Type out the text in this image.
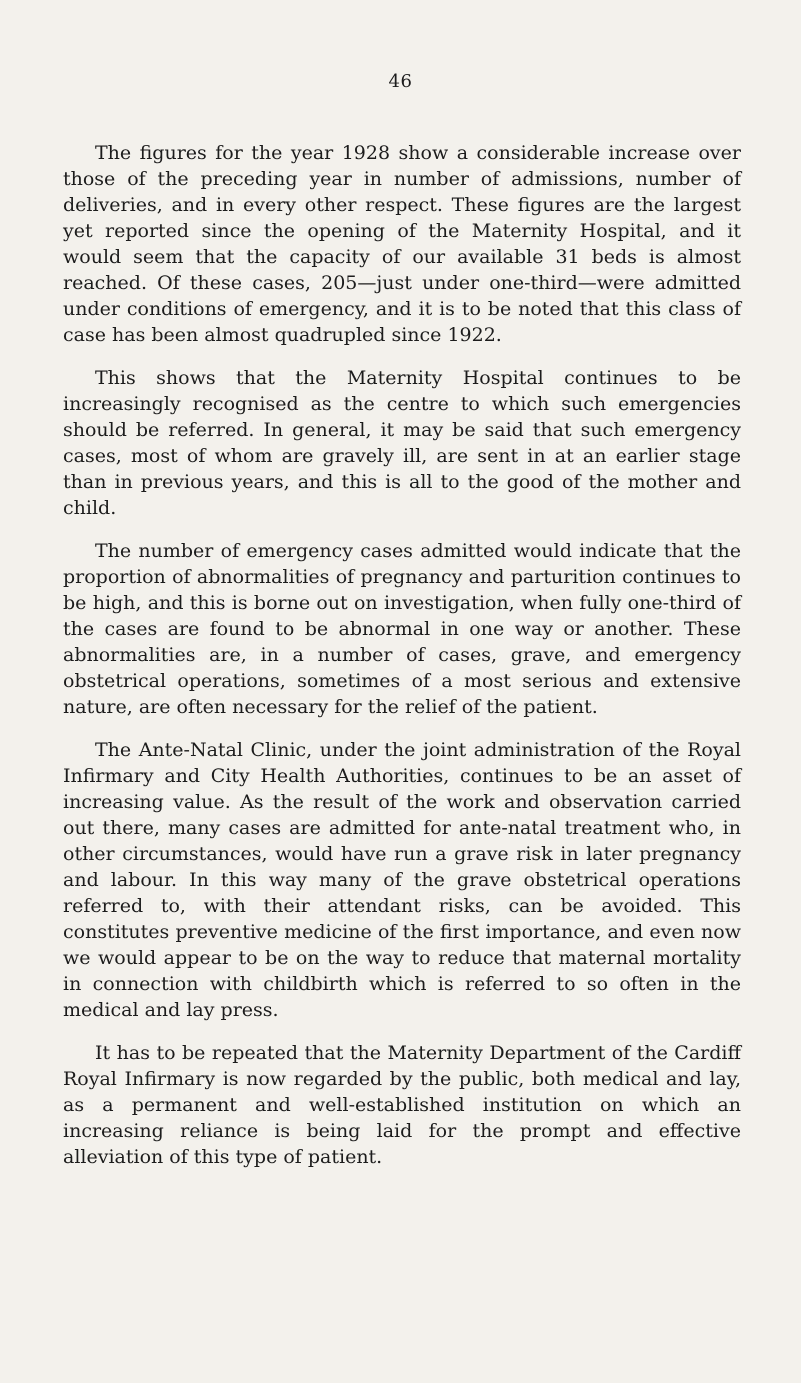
46

The figures for the year 1928 show a considerable increase over those of the preceding year in number of admissions, number of deliveries, and in every other respect. These figures are the largest yet reported since the opening of the Maternity Hospital, and it would seem that the capacity of our available 31 beds is almost reached. Of these cases, 205—just under one-third—were admitted under conditions of emergency, and it is to be noted that this class of case has been almost quadrupled since 1922.

This shows that the Maternity Hospital continues to be increasingly recognised as the centre to which such emergencies should be referred. In general, it may be said that such emergency cases, most of whom are gravely ill, are sent in at an earlier stage than in previous years, and this is all to the good of the mother and child.

The number of emergency cases admitted would indicate that the proportion of abnormalities of pregnancy and parturition continues to be high, and this is borne out on investigation, when fully one-third of the cases are found to be abnormal in one way or another. These abnormalities are, in a number of cases, grave, and emergency obstetrical operations, sometimes of a most serious and extensive nature, are often necessary for the relief of the patient.

The Ante-Natal Clinic, under the joint administration of the Royal Infirmary and City Health Authorities, continues to be an asset of increasing value. As the result of the work and observation carried out there, many cases are admitted for ante-natal treatment who, in other circumstances, would have run a grave risk in later pregnancy and labour. In this way many of the grave obstetrical operations referred to, with their attendant risks, can be avoided. This constitutes preventive medicine of the first importance, and even now we would appear to be on the way to reduce that maternal mortality in connection with childbirth which is referred to so often in the medical and lay press.

It has to be repeated that the Maternity Department of the Cardiff Royal Infirmary is now regarded by the public, both medical and lay, as a permanent and well-established institution on which an increasing reliance is being laid for the prompt and effective alleviation of this type of patient.
